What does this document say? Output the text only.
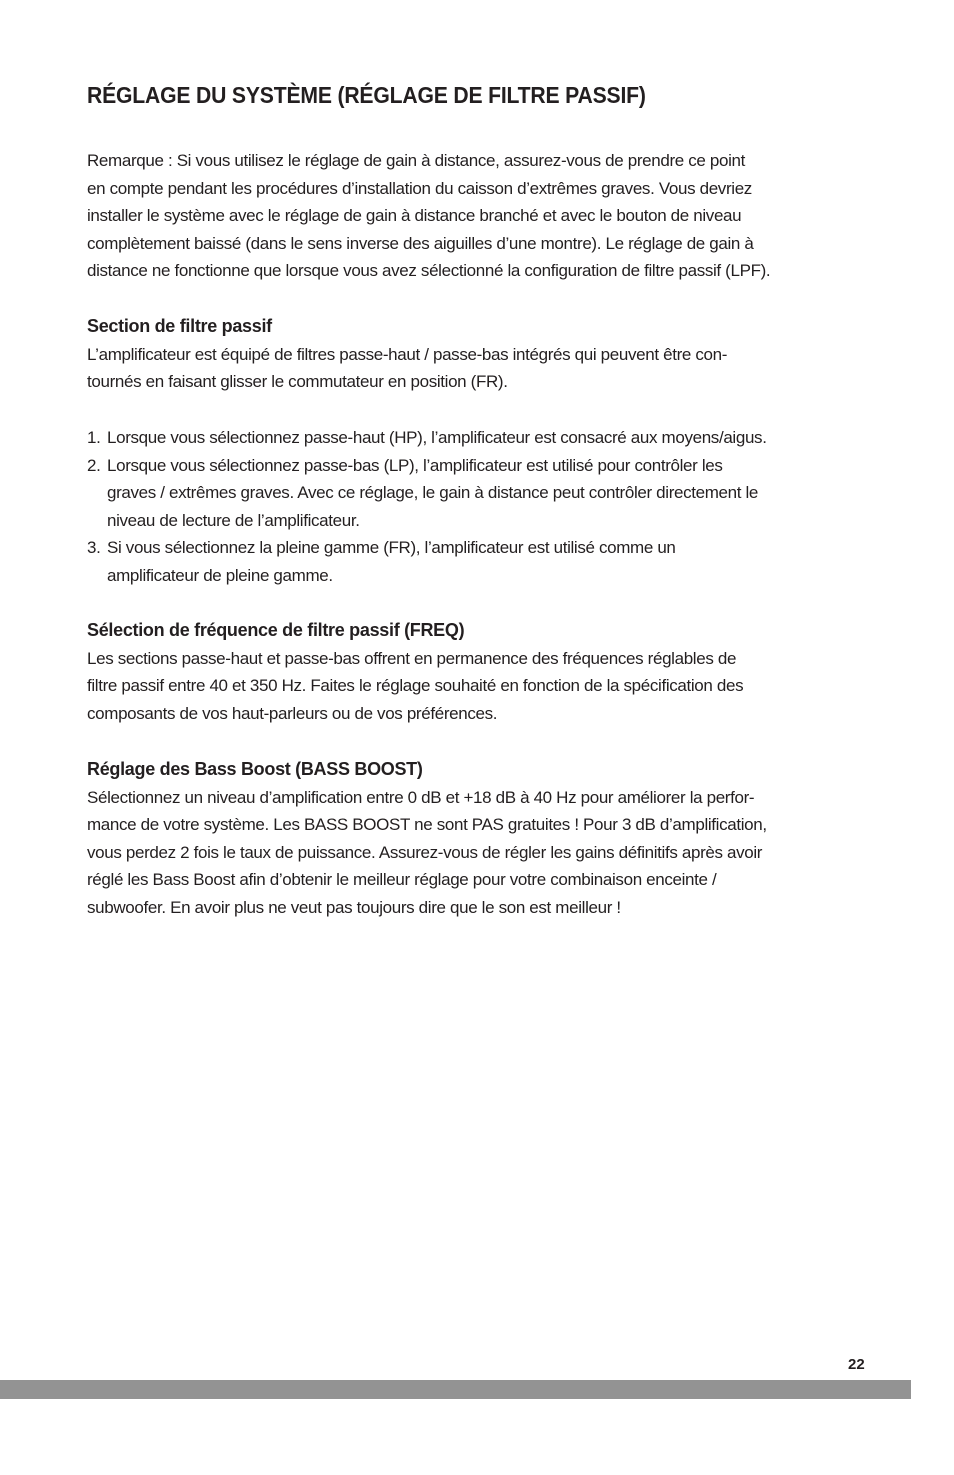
RÉGLAGE DU SYSTÈME (RÉGLAGE DE FILTRE PASSIF)

Remarque : Si vous utilisez le réglage de gain à distance, assurez-vous de prendre ce point

en compte pendant les procédures d’installation du caisson d’extrêmes graves. Vous devriez

installer le système avec le réglage de gain à distance branché et avec le bouton de niveau

complètement baissé (dans le sens inverse des aiguilles d’une montre). Le réglage de gain à

distance ne fonctionne que lorsque vous avez sélectionné la configuration de filtre passif (LPF).

Section de filtre passif

L’amplificateur est équipé de filtres passe-haut / passe-bas intégrés qui peuvent être con-

tournés en faisant glisser le commutateur en position (FR).

1. Lorsque vous sélectionnez passe-haut (HP), l’amplificateur est consacré aux moyens/aigus.

2. Lorsque vous sélectionnez passe-bas (LP), l’amplificateur est utilisé pour contrôler les

graves / extrêmes graves. Avec ce réglage, le gain à distance peut contrôler directement le

niveau de lecture de l’amplificateur.

3. Si vous sélectionnez la pleine gamme (FR), l’amplificateur est utilisé comme un

amplificateur de pleine gamme.

Sélection de fréquence de filtre passif (FREQ)

Les sections passe-haut et passe-bas offrent en permanence des fréquences réglables de

filtre passif entre 40 et 350 Hz. Faites le réglage souhaité en fonction de la spécification des

composants de vos haut-parleurs ou de vos préférences.

Réglage des Bass Boost (BASS BOOST)

Sélectionnez un niveau d’amplification entre 0 dB et +18 dB à 40 Hz pour améliorer la perfor-

mance de votre système. Les BASS BOOST ne sont PAS gratuites ! Pour 3 dB d’amplification,

vous perdez 2 fois le taux de puissance. Assurez-vous de régler les gains définitifs après avoir

réglé les Bass Boost afin d’obtenir le meilleur réglage pour votre combinaison enceinte /

subwoofer. En avoir plus ne veut pas toujours dire que le son est meilleur !

22
